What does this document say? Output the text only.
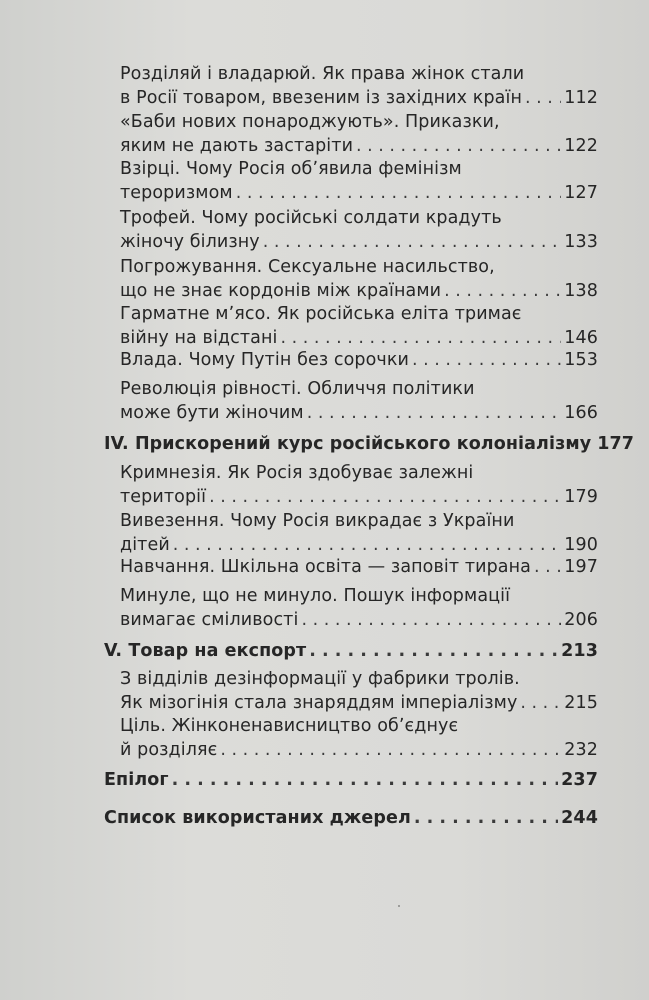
Розділяй і владарюй. Як права жінок стали
в Росії товаром, ввезеним із західних країн . . . 112
«Баби нових понароджують». Приказки,
яким не дають застаріти . . .	122
Взірці. Чому Росія обʼявила фемінізм
тероризмом . . .	127
Трофей. Чому російські солдати крадуть
жіночу білизну . . .	133
Погрожування. Сексуальне насильство,
що не знає кордонів між країнами . . .	138
Гарматне мʼясо. Як російська еліта тримає
війну на відстані . . .	146
Влада. Чому Путін без сорочки . . .	153
Революція рівності. Обличчя політики
може бути жіночим . . .	166
IV. Прискорений курс російського колоніалізму 177
Кримнезія. Як Росія здобуває залежні
території . . .	179
Вивезення. Чому Росія викрадає з України
дітей . . .	190
Навчання. Шкільна освіта — заповіт тирана . . . 197
Минуле, що не минуло. Пошук інформації
вимагає сміливості . . .	206
V. Товар на експорт . . .	213
З відділів дезінформації у фабрики тролів.
Як мізогінія стала знаряддям імперіалізму . . .	215
Ціль. Жінконенависництво обʼєднує
й розділяє . . .	232
Епілог . . .	237
Список використаних джерел . . .	244
